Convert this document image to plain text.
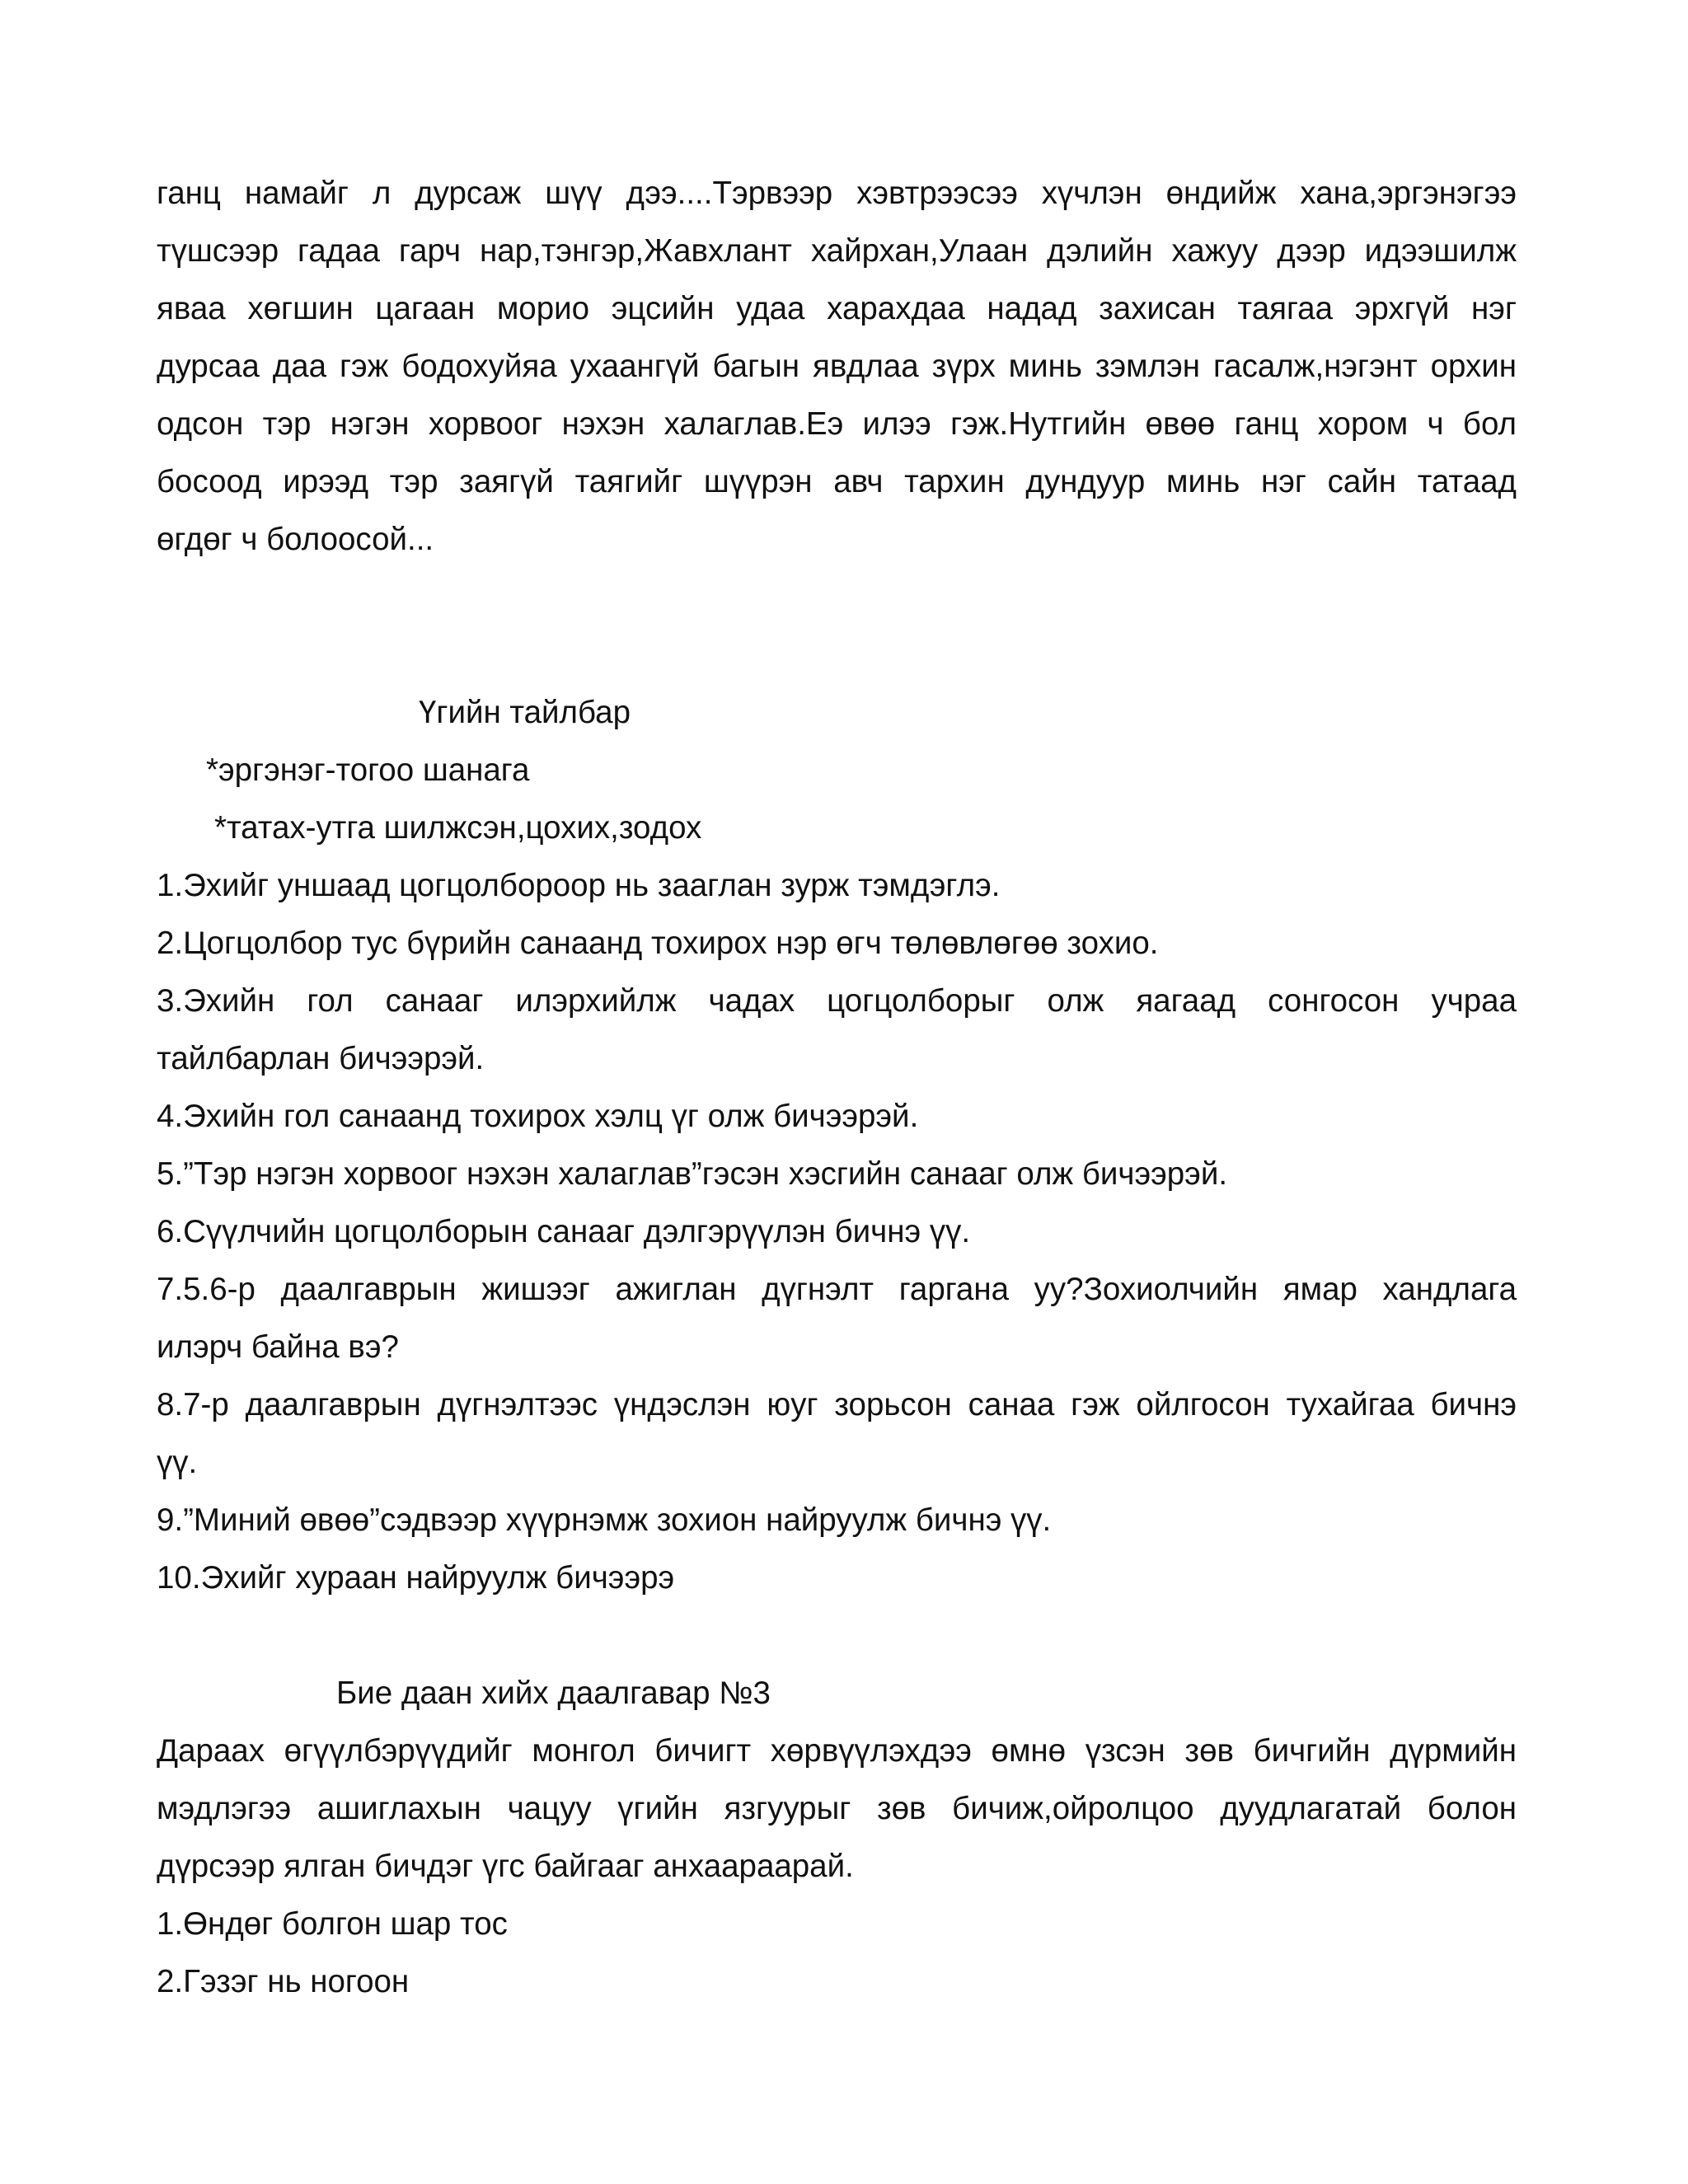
ганц намайг л дурсаж шүү дээ....Тэрвээр хэвтрээсээ хүчлэн өндийж хана,эргэнэгээ
түшсээр гадаа гарч нар,тэнгэр,Жавхлант хайрхан,Улаан дэлийн хажуу дээр идээшилж
яваа хөгшин цагаан морио эцсийн удаа харахдаа надад захисан таягаа эрхгүй нэг
дурсаа даа гэж бодохуйяа ухаангүй багын явдлаа зүрх минь зэмлэн гасалж,нэгэнт орхин
одсон тэр нэгэн хорвоог нэхэн халаглав.Еэ илээ гэж.Нутгийн өвөө ганц хором ч бол
босоод ирээд тэр заягүй таягийг шүүрэн авч тархин дундуур минь нэг сайн татаад
өгдөг ч болоосой...
Үгийн тайлбар
*эргэнэг-тогоо шанага
*татах-утга шилжсэн,цохих,зодох
1.Эхийг уншаад цогцолбороор нь зааглан зурж тэмдэглэ.
2.Цогцолбор тус бүрийн санаанд тохирох нэр өгч төлөвлөгөө зохио.
3.Эхийн гол санааг илэрхийлж чадах цогцолборыг олж яагаад сонгосон учраа
тайлбарлан бичээрэй.
4.Эхийн гол санаанд тохирох хэлц үг олж бичээрэй.
5.”Тэр нэгэн хорвоог нэхэн халаглав”гэсэн хэсгийн санааг олж бичээрэй.
6.Сүүлчийн цогцолборын санааг дэлгэрүүлэн бичнэ үү.
7.5.6-р даалгаврын жишээг ажиглан дүгнэлт гаргана уу?Зохиолчийн ямар хандлага
илэрч байна вэ?
8.7-р даалгаврын дүгнэлтээс үндэслэн юуг зорьсон санаа гэж ойлгосон тухайгаа бичнэ
үү.
9.”Миний өвөө”сэдвээр хүүрнэмж зохион найруулж бичнэ үү.
10.Эхийг хураан найруулж бичээрэ
Бие даан хийх даалгавар №3
Дараах өгүүлбэрүүдийг монгол бичигт хөрвүүлэхдээ өмнө үзсэн зөв бичгийн дүрмийн
мэдлэгээ ашиглахын чацуу үгийн язгуурыг зөв бичиж,ойролцоо дуудлагатай болон
дүрсээр ялган бичдэг үгс байгааг анхаараарай.
1.Өндөг болгон шар тос
2.Гэзэг нь ногоон
